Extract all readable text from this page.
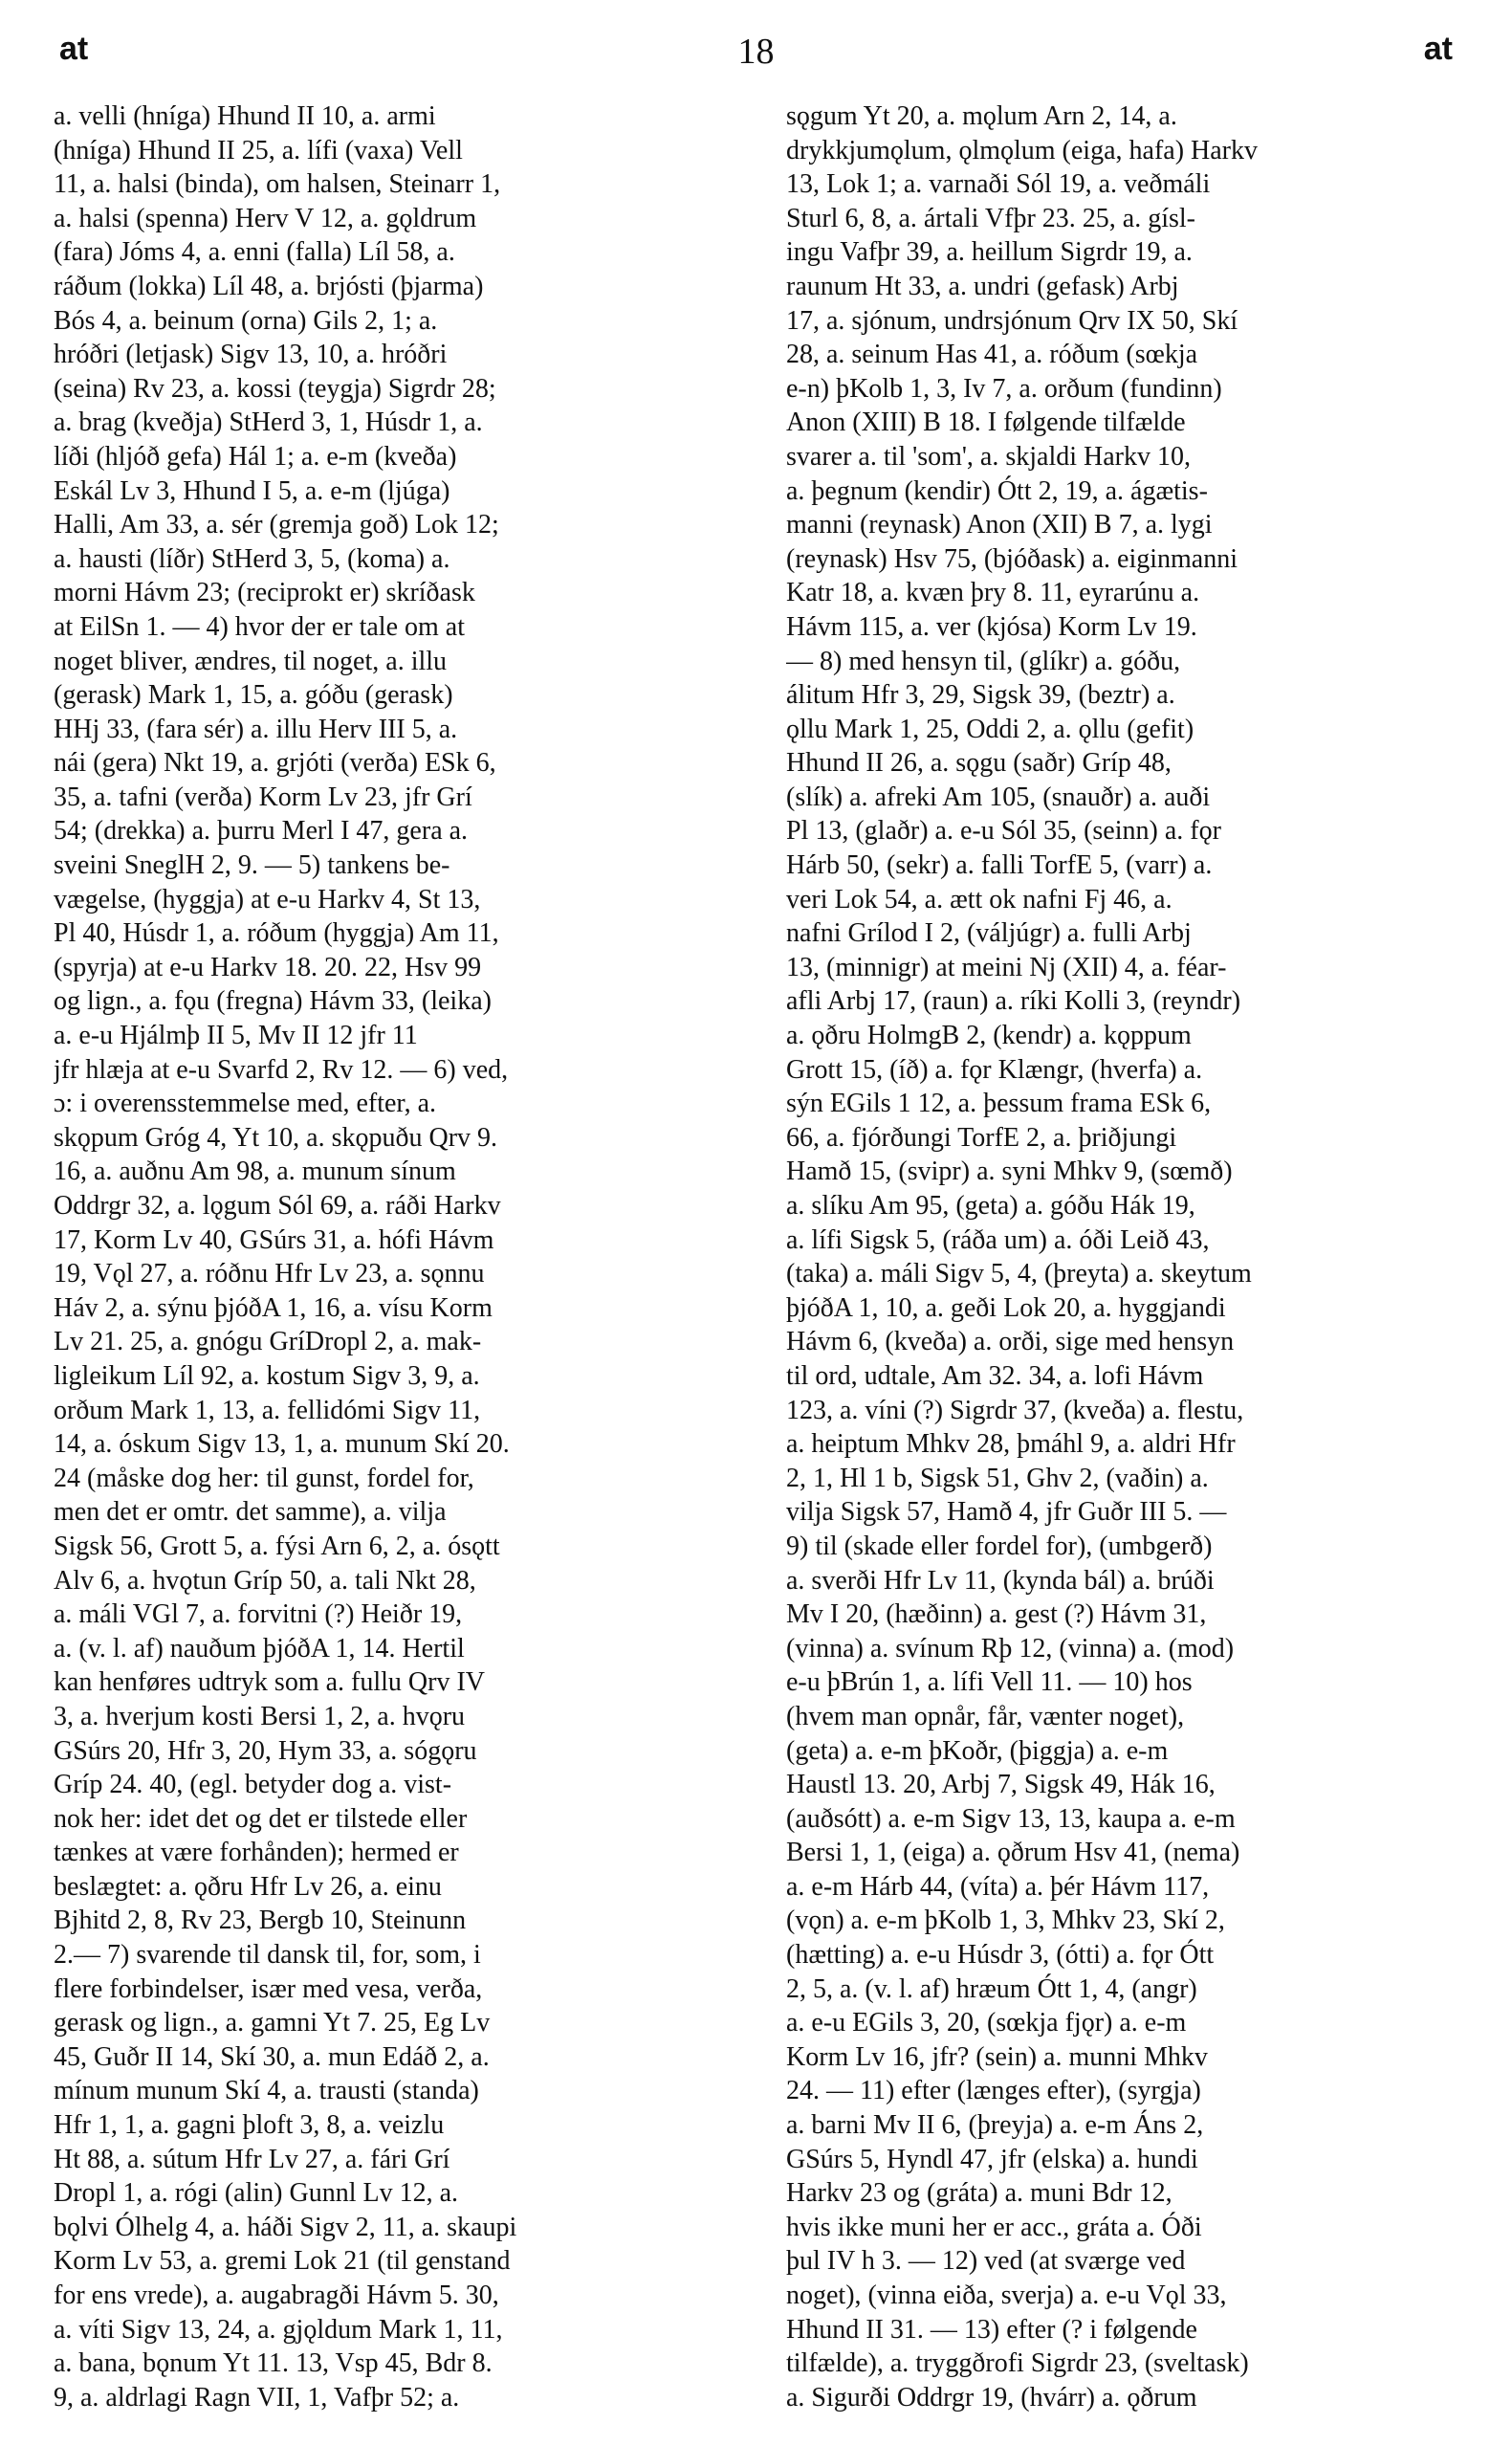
at	18	at
a. velli (hníga) Hhund II 10, a. armi
(hníga) Hhund II 25, a. lífi (vaxa) Vell
11, a. halsi (binda), om halsen, Steinarr 1,
a. halsi (spenna) Herv V 12, a. gǫldrum
(fara) Jóms 4, a. enni (falla) Líl 58, a.
ráðum (lokka) Líl 48, a. brjósti (þjarma)
Bós 4, a. beinum (orna) Gils 2, 1; a.
hróðri (letjask) Sigv 13, 10, a. hróðri
(seina) Rv 23, a. kossi (teygja) Sigrdr 28;
a. brag (kveðja) StHerd 3, 1, Húsdr 1, a.
líði (hljóð gefa) Hál 1; a. e-m (kveða)
Eskál Lv 3, Hhund I 5, a. e-m (ljúga)
Halli, Am 33, a. sér (gremja goð) Lok 12;
a. hausti (líðr) StHerd 3, 5, (koma) a.
morni Hávm 23; (reciprokt er) skríðask
at EilSn 1. — 4) hvor der er tale om at
noget bliver, ændres, til noget, a. illu
(gerask) Mark 1, 15, a. góðu (gerask)
HHj 33, (fara sér) a. illu Herv III 5, a.
nái (gera) Nkt 19, a. grjóti (verða) ESk 6,
35, a. tafni (verða) Korm Lv 23, jfr Grí
54; (drekka) a. þurru Merl I 47, gera a.
sveini SneglH 2, 9. — 5) tankens be-
vægelse, (hyggja) at e-u Harkv 4, St 13,
Pl 40, Húsdr 1, a. róðum (hyggja) Am 11,
(spyrja) at e-u Harkv 18. 20. 22, Hsv 99
og lign., a. fǫu (fregna) Hávm 33, (leika)
a. e-u Hjálmþ II 5, Mv II 12 jfr 11
jfr hlæja at e-u Svarfd 2, Rv 12. — 6) ved,
ɔ: i overensstemmelse med, efter, a.
skǫpum Gróg 4, Yt 10, a. skǫpuðu Qrv 9.
16, a. auðnu Am 98, a. munum sínum
Oddrgr 32, a. lǫgum Sól 69, a. ráði Harkv
17, Korm Lv 40, GSúrs 31, a. hófi Hávm
19, Vǫl 27, a. róðnu Hfr Lv 23, a. sǫnnu
Háv 2, a. sýnu þjóðA 1, 16, a. vísu Korm
Lv 21. 25, a. gnógu GríDropl 2, a. mak-
ligleikum Líl 92, a. kostum Sigv 3, 9, a.
orðum Mark 1, 13, a. fellidómi Sigv 11,
14, a. óskum Sigv 13, 1, a. munum Skí 20.
24 (måske dog her: til gunst, fordel for,
men det er omtr. det samme), a. vilja
Sigsk 56, Grott 5, a. fýsi Arn 6, 2, a. ósǫtt
Alv 6, a. hvǫtun Gríp 50, a. tali Nkt 28,
a. máli VGl 7, a. forvitni (?) Heiðr 19,
a. (v. l. af) nauðum þjóðA 1, 14. Hertil
kan henføres udtryk som a. fullu Qrv IV
3, a. hverjum kosti Bersi 1, 2, a. hvǫru
GSúrs 20, Hfr 3, 20, Hym 33, a. sógǫru
Gríp 24. 40, (egl. betyder dog a. vist-
nok her: idet det og det er tilstede eller
tænkes at være forhånden); hermed er
beslægtet: a. ǫðru Hfr Lv 26, a. einu
Bjhitd 2, 8, Rv 23, Bergb 10, Steinunn
2.— 7) svarende til dansk til, for, som, i
flere forbindelser, især med vesa, verða,
gerask og lign., a. gamni Yt 7. 25, Eg Lv
45, Guðr II 14, Skí 30, a. mun Edáð 2, a.
mínum munum Skí 4, a. trausti (standa)
Hfr 1, 1, a. gagni þloft 3, 8, a. veizlu
Ht 88, a. sútum Hfr Lv 27, a. fári Grí
Dropl 1, a. rógi (alin) Gunnl Lv 12, a.
bǫlvi Ólhelg 4, a. háði Sigv 2, 11, a. skaupi
Korm Lv 53, a. gremi Lok 21 (til genstand
for ens vrede), a. augabragði Hávm 5. 30,
a. víti Sigv 13, 24, a. gjǫldum Mark 1, 11,
a. bana, bǫnum Yt 11. 13, Vsp 45, Bdr 8.
9, a. aldrlagi Ragn VII, 1, Vafþr 52; a.
sǫgum Yt 20, a. mǫlum Arn 2, 14, a.
drykkjumǫlum, ǫlmǫlum (eiga, hafa) Harkv
13, Lok 1; a. varnaði Sól 19, a. veðmáli
Sturl 6, 8, a. ártali Vfþr 23. 25, a. gísl-
ingu Vafþr 39, a. heillum Sigrdr 19, a.
raunum Ht 33, a. undri (gefask) Arbj
17, a. sjónum, undrsjónum Qrv IX 50, Skí
28, a. seinum Has 41, a. róðum (sœkja
e-n) þKolb 1, 3, Iv 7, a. orðum (fundinn)
Anon (XIII) B 18. I følgende tilfælde
svarer a. til 'som', a. skjaldi Harkv 10,
a. þegnum (kendir) Ótt 2, 19, a. ágætis-
manni (reynask) Anon (XII) B 7, a. lygi
(reynask) Hsv 75, (bjóðask) a. eiginmanni
Katr 18, a. kvæn þry 8. 11, eyrarúnu a.
Hávm 115, a. ver (kjósa) Korm Lv 19.
— 8) med hensyn til, (glíkr) a. góðu,
álitum Hfr 3, 29, Sigsk 39, (beztr) a.
ǫllu Mark 1, 25, Oddi 2, a. ǫllu (gefit)
Hhund II 26, a. sǫgu (saðr) Gríp 48,
(slík) a. afreki Am 105, (snauðr) a. auði
Pl 13, (glaðr) a. e-u Sól 35, (seinn) a. fǫr
Hárb 50, (sekr) a. falli TorfE 5, (varr) a.
veri Lok 54, a. ætt ok nafni Fj 46, a.
nafni Grílod I 2, (váljúgr) a. fulli Arbj
13, (minnigr) at meini Nj (XII) 4, a. féar-
afli Arbj 17, (raun) a. ríki Kolli 3, (reyndr)
a. ǫðru HolmgB 2, (kendr) a. kǫppum
Grott 15, (íð) a. fǫr Klængr, (hverfa) a.
sýn EGils 1 12, a. þessum frama ESk 6,
66, a. fjórðungi TorfE 2, a. þriðjungi
Hamð 15, (svipr) a. syni Mhkv 9, (sœmð)
a. slíku Am 95, (geta) a. góðu Hák 19,
a. lífi Sigsk 5, (ráða um) a. óði Leið 43,
(taka) a. máli Sigv 5, 4, (þreyta) a. skeytum
þjóðA 1, 10, a. geði Lok 20, a. hyggjandi
Hávm 6, (kveða) a. orði, sige med hensyn
til ord, udtale, Am 32. 34, a. lofi Hávm
123, a. víni (?) Sigrdr 37, (kveða) a. flestu,
a. heiptum Mhkv 28, þmáhl 9, a. aldri Hfr
2, 1, Hl 1 b, Sigsk 51, Ghv 2, (vaðin) a.
vilja Sigsk 57, Hamð 4, jfr Guðr III 5. —
9) til (skade eller fordel for), (umbgerð)
a. sverði Hfr Lv 11, (kynda bál) a. brúði
Mv I 20, (hæðinn) a. gest (?) Hávm 31,
(vinna) a. svínum Rþ 12, (vinna) a. (mod)
e-u þBrún 1, a. lífi Vell 11. — 10) hos
(hvem man opnår, får, vænter noget),
(geta) a. e-m þKoðr, (þiggja) a. e-m
Haustl 13. 20, Arbj 7, Sigsk 49, Hák 16,
(auðsótt) a. e-m Sigv 13, 13, kaupa a. e-m
Bersi 1, 1, (eiga) a. ǫðrum Hsv 41, (nema)
a. e-m Hárb 44, (víta) a. þér Hávm 117,
(vǫn) a. e-m þKolb 1, 3, Mhkv 23, Skí 2,
(hætting) a. e-u Húsdr 3, (ótti) a. fǫr Ótt
2, 5, a. (v. l. af) hræum Ótt 1, 4, (angr)
a. e-u EGils 3, 20, (sœkja fjǫr) a. e-m
Korm Lv 16, jfr? (sein) a. munni Mhkv
24. — 11) efter (længes efter), (syrgja)
a. barni Mv II 6, (þreyja) a. e-m Áns 2,
GSúrs 5, Hyndl 47, jfr (elska) a. hundi
Harkv 23 og (gráta) a. muni Bdr 12,
hvis ikke muni her er acc., gráta a. Óði
þul IV h 3. — 12) ved (at sværge ved
noget), (vinna eiða, sverja) a. e-u Vǫl 33,
Hhund II 31. — 13) efter (? i følgende
tilfælde), a. tryggðrofi Sigrdr 23, (sveltask)
a. Sigurði Oddrgr 19, (hvárr) a. ǫðrum
